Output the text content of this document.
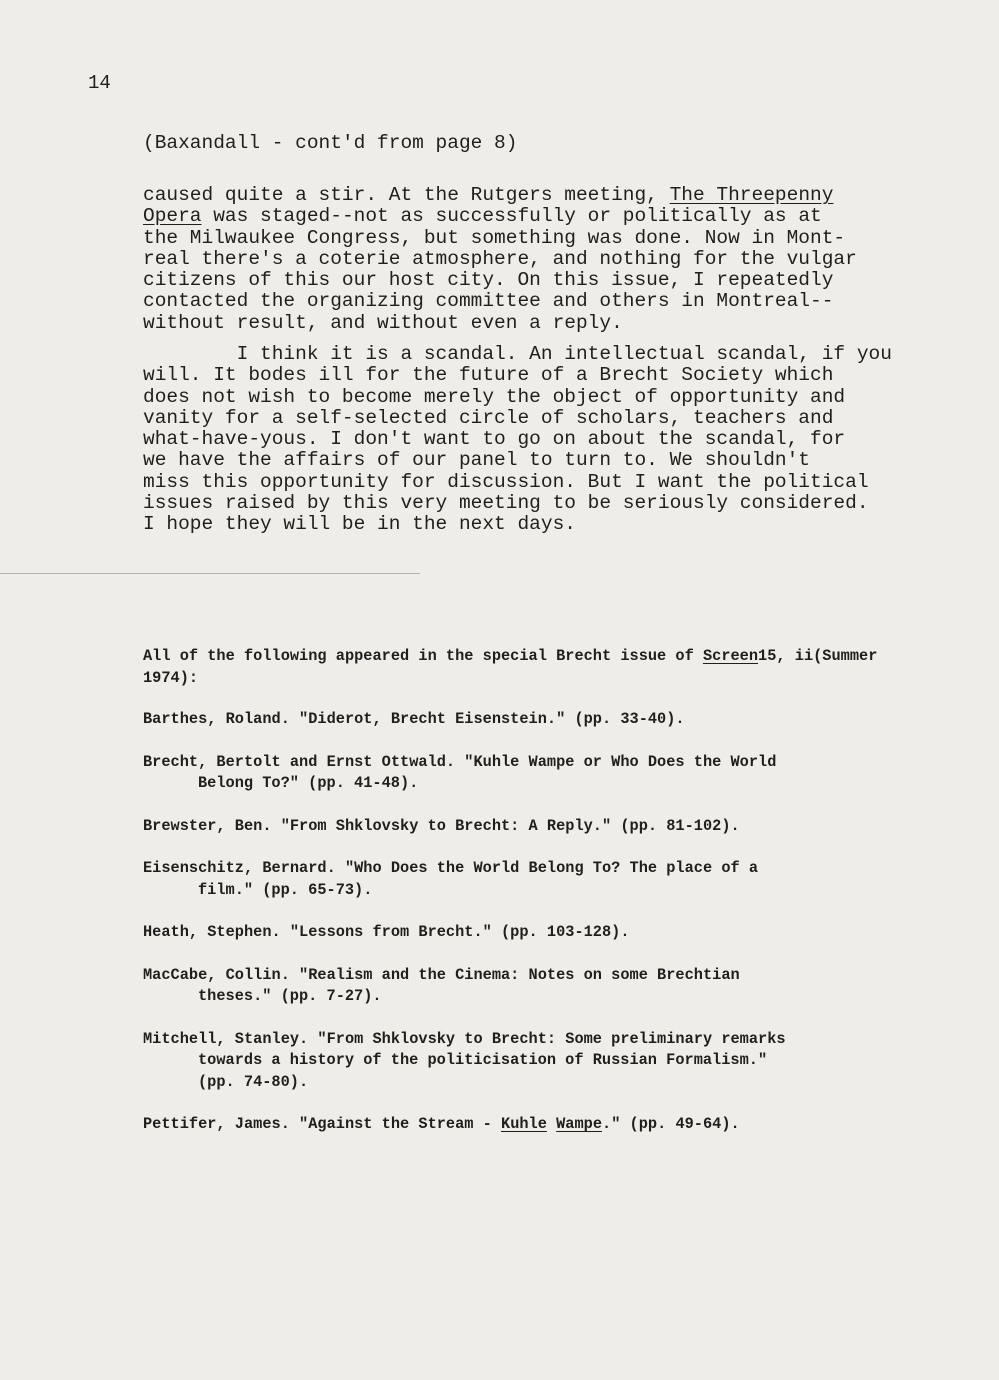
14
(Baxandall - cont'd from page 8)
caused quite a stir. At the Rutgers meeting, The Threepenny
Opera was staged--not as successfully or politically as at
the Milwaukee Congress, but something was done. Now in Mont-
real there's a coterie atmosphere, and nothing for the vulgar
citizens of this our host city. On this issue, I repeatedly
contacted the organizing committee and others in Montreal--
without result, and without even a reply.
I think it is a scandal. An intellectual scandal, if you
will. It bodes ill for the future of a Brecht Society which
does not wish to become merely the object of opportunity and
vanity for a self-selected circle of scholars, teachers and
what-have-yous. I don't want to go on about the scandal, for
we have the affairs of our panel to turn to. We shouldn't
miss this opportunity for discussion. But I want the political
issues raised by this very meeting to be seriously considered.
I hope they will be in the next days.
All of the following appeared in the special Brecht issue of Screen15, ii(Summer 1974):
Barthes, Roland. "Diderot, Brecht Eisenstein." (pp. 33-40).
Brecht, Bertolt and Ernst Ottwald. "Kuhle Wampe or Who Does the World
Belong To?" (pp. 41-48).
Brewster, Ben. "From Shklovsky to Brecht: A Reply." (pp. 81-102).
Eisenschitz, Bernard. "Who Does the World Belong To? The place of a
film." (pp. 65-73).
Heath, Stephen. "Lessons from Brecht." (pp. 103-128).
MacCabe, Collin. "Realism and the Cinema: Notes on some Brechtian
theses." (pp. 7-27).
Mitchell, Stanley. "From Shklovsky to Brecht: Some preliminary remarks
towards a history of the politicisation of Russian Formalism."
(pp. 74-80).
Pettifer, James. "Against the Stream - Kuhle Wampe." (pp. 49-64).
